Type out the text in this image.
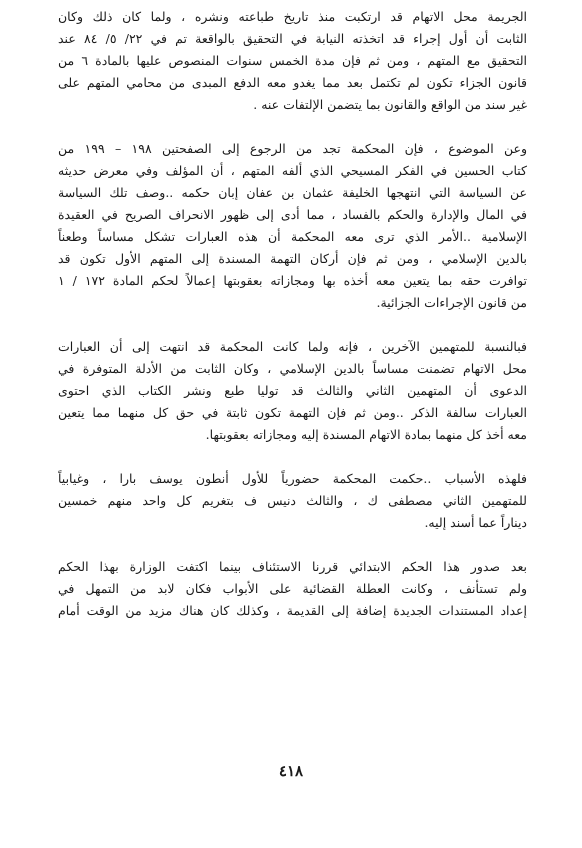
الجريمة محل الاتهام قد ارتكبت منذ تاريخ طباعته ونشره ، ولما كان ذلك وكان
الثابت أن أول إجراء قد اتخذته النيابة في التحقيق بالواقعة تم في ٢٢/ ٥/ ٨٤ عند
التحقيق مع المتهم ، ومن ثم فإن مدة الخمس سنوات المنصوص عليها بالمادة ٦ من
قانون الجزاء تكون لم تكتمل بعد مما يغدو معه الدفع المبدى من محامي المتهم على
غير سند من الواقع والقانون بما يتضمن الإلتفات عنه .
وعن الموضوع ، فإن المحكمة تجد من الرجوع إلى الصفحتين ١٩٨ – ١٩٩ من
كتاب الحسين في الفكر المسيحي الذي ألفه المتهم ، أن المؤلف وفي معرض حديثه
عن السياسة التي انتهجها الخليفة عثمان بن عفان إبان حكمه ..وصف تلك السياسة
في المال والإدارة والحكم بالفساد ، مما أدى إلى ظهور الانحراف الصريح في العقيدة
الإسلامية ..الأمر الذي ترى معه المحكمة أن هذه العبارات تشكل مساساً وطعناً
بالدين الإسلامي ، ومن ثم فإن أركان التهمة المسندة إلى المتهم الأول تكون قد
توافرت حقه بما يتعين معه أخذه بها ومجازاته بعقوبتها إعمالاً لحكم المادة ١٧٢ / ١
من قانون الإجراءات الجزائية.
فبالنسبة للمتهمين الآخرين ، فإنه ولما كانت المحكمة قد انتهت إلى أن العبارات
محل الاتهام تضمنت مساساً بالدين الإسلامي ، وكان الثابت من الأدلة المتوفرة في
الدعوى أن المتهمين الثاني والثالث قد توليا طبع ونشر الكتاب الذي احتوى
العبارات سالفة الذكر ..ومن ثم فإن التهمة تكون ثابتة في حق كل منهما مما يتعين
معه أخذ كل منهما بمادة الاتهام المسندة إليه ومجازاته بعقوبتها.
فلهذه الأسباب ..حكمت المحكمة حضورياً للأول أنطون يوسف بارا ، وغيابياً
للمتهمين الثاني مصطفى ك ، والثالث دنيس ف بتغريم كل واحد منهم خمسين
ديناراً عما أسند إليه.
بعد صدور هذا الحكم الابتدائي قررنا الاستئناف بينما اكتفت الوزارة بهذا الحكم
ولم تستأنف ، وكانت العطلة القضائية على الأبواب فكان لابد من التمهل في
إعداد المستندات الجديدة إضافة إلى القديمة ، وكذلك كان هناك مزيد من الوقت أمام
٤١٨
